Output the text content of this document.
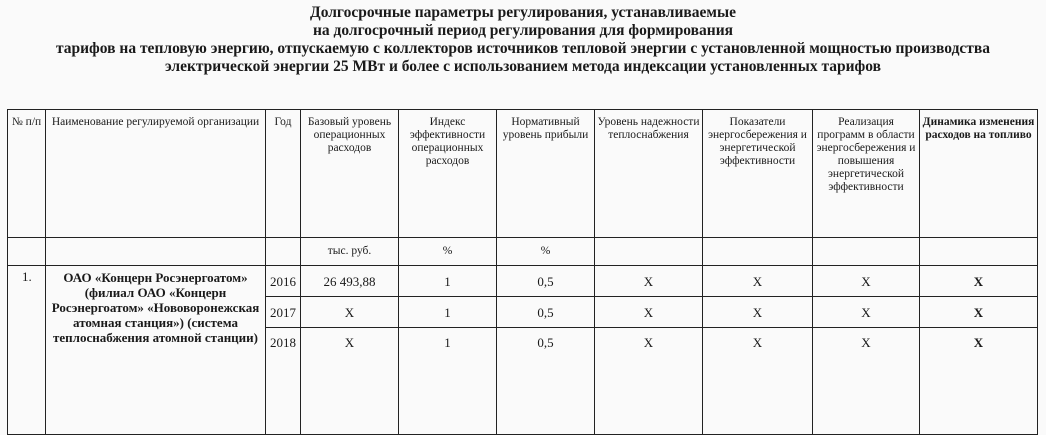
Долгосрочные параметры регулирования, устанавливаемые
на долгосрочный период регулирования для формирования
тарифов на тепловую энергию, отпускаемую с коллекторов источников тепловой энергии с установленной мощностью производства
электрической энергии 25 МВт и более с использованием метода индексации установленных тарифов
№ п/п	Наименование регулируемой организации	Год	Базовый уровень операционных расходов	Индекс эффективности операционных расходов	Нормативный уровень прибыли	Уровень надежности теплоснабжения	Показатели энергосбережения и энергетической эффективности	Реализация программ в области энергосбережения и повышения энергетической эффективности	Динамика изменения расходов на топливо
			тыс. руб.	%	%				
1.	ОАО «Концерн Росэнергоатом» (филиал ОАО «Концерн Росэнергоатом» «Нововоронежская атомная станция») (система теплоснабжения атомной станции)	2016	26 493,88	1	0,5	Х	Х	Х	Х
		2017	Х	1	0,5	Х	Х	Х	Х
		2018	Х	1	0,5	Х	Х	Х	Х
